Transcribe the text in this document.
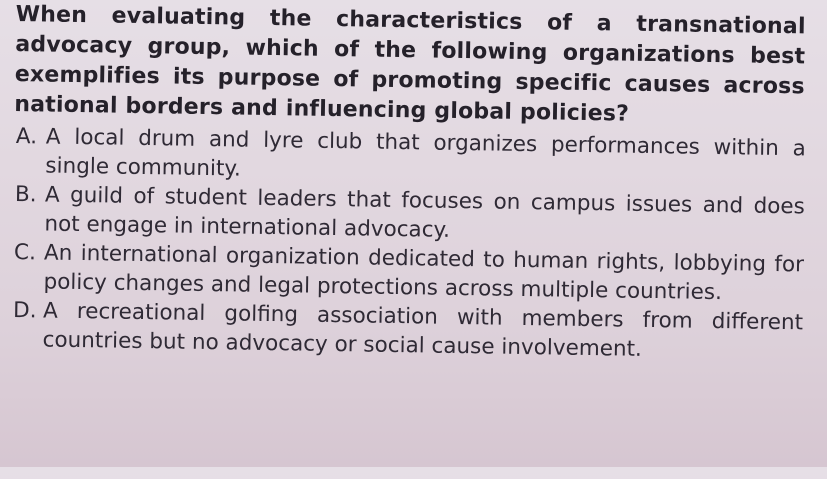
When evaluating the characteristics of a transnational advocacy group, which of the following organizations best exemplifies its purpose of promoting specific causes across national borders and influencing global policies?

A. A local drum and lyre club that organizes performances within a single community.
B. A guild of student leaders that focuses on campus issues and does not engage in international advocacy.
C. An international organization dedicated to human rights, lobbying for policy changes and legal protections across multiple countries.
D. A recreational golfing association with members from different countries but no advocacy or social cause involvement.
